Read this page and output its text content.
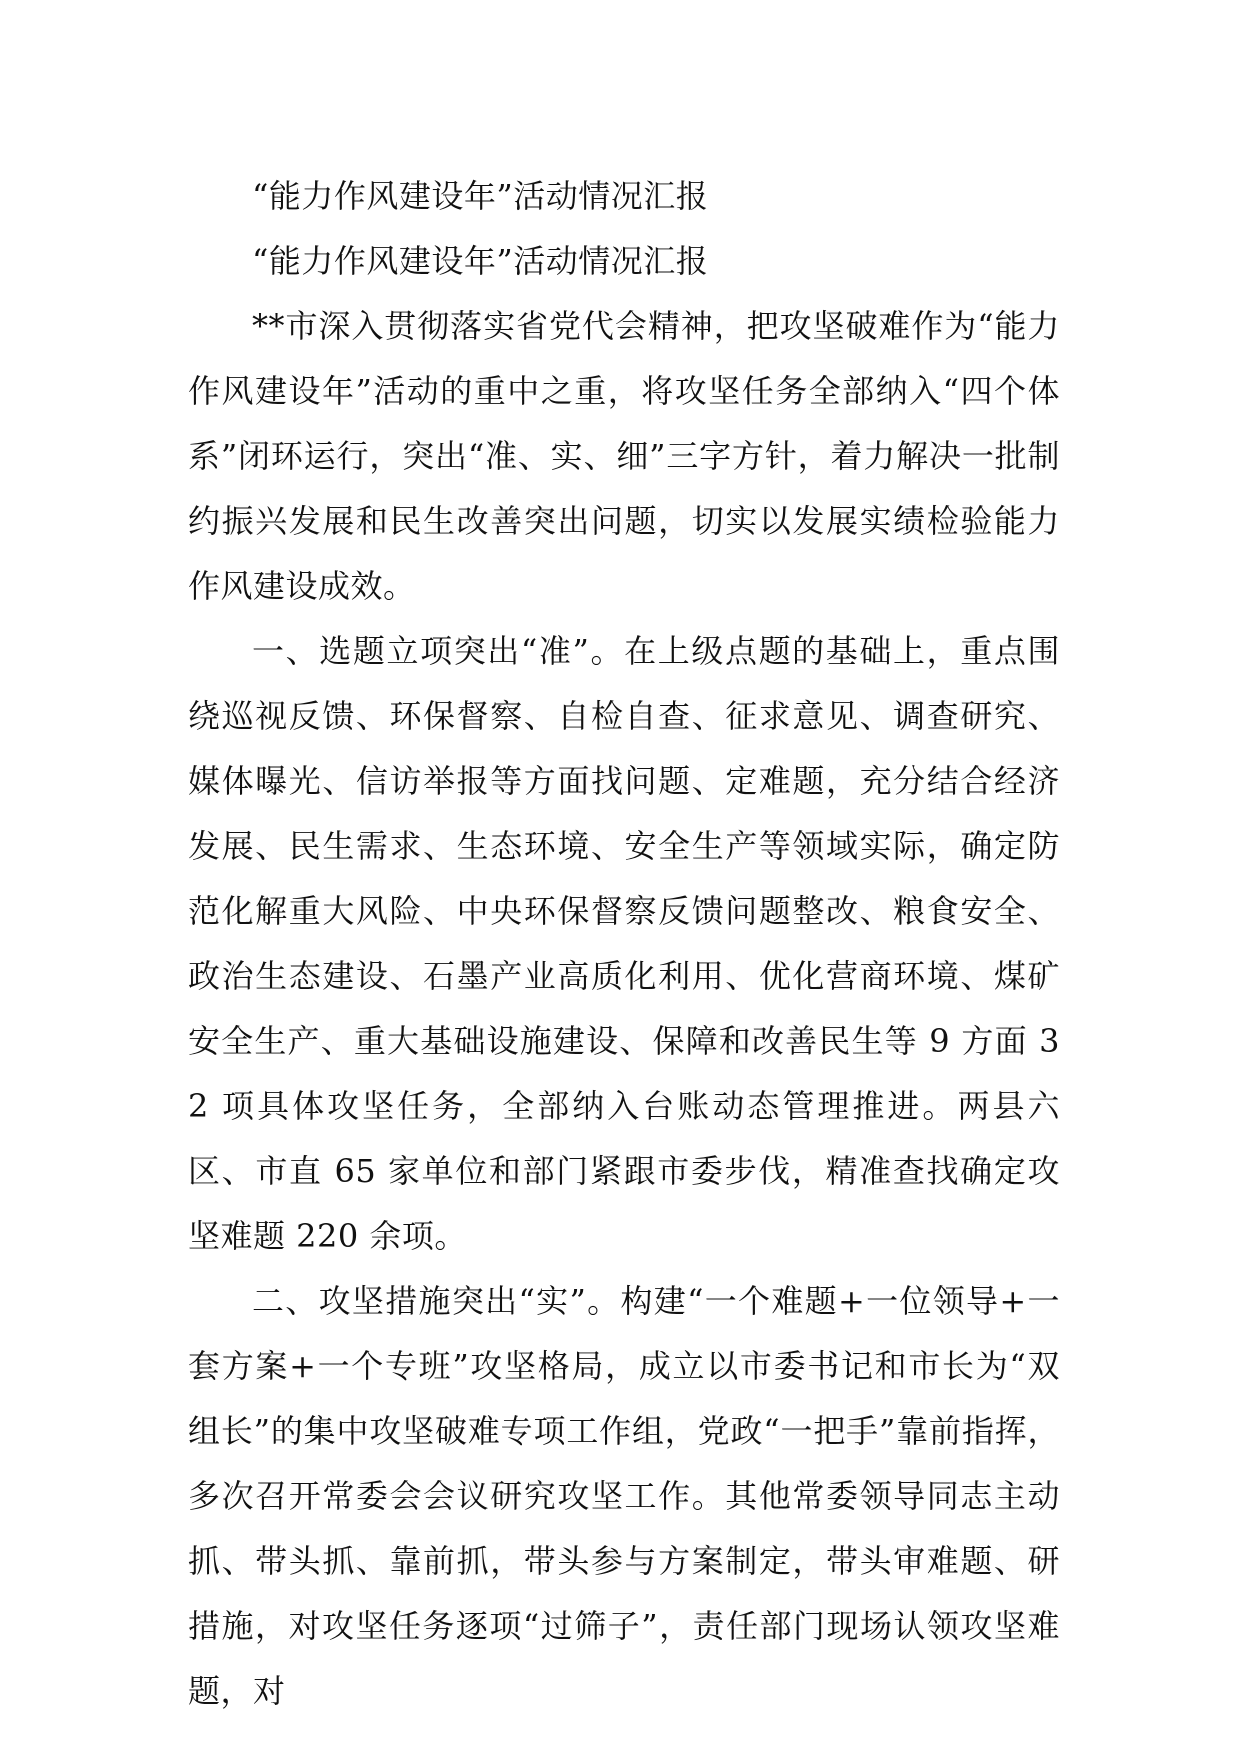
“能力作风建设年”活动情况汇报

“能力作风建设年”活动情况汇报

**市深入贯彻落实省党代会精神，把攻坚破难作为“能力作风建设年”活动的重中之重，将攻坚任务全部纳入“四个体系”闭环运行，突出“准、实、细”三字方针，着力解决一批制约振兴发展和民生改善突出问题，切实以发展实绩检验能力作风建设成效。

一、选题立项突出“准”。在上级点题的基础上，重点围绕巡视反馈、环保督察、自检自查、征求意见、调查研究、媒体曝光、信访举报等方面找问题、定难题，充分结合经济发展、民生需求、生态环境、安全生产等领域实际，确定防范化解重大风险、中央环保督察反馈问题整改、粮食安全、政治生态建设、石墨产业高质化利用、优化营商环境、煤矿安全生产、重大基础设施建设、保障和改善民生等 9 方面 32 项具体攻坚任务，全部纳入台账动态管理推进。两县六区、市直 65 家单位和部门紧跟市委步伐，精准查找确定攻坚难题 220 余项。

二、攻坚措施突出“实”。构建“一个难题+一位领导+一套方案+一个专班”攻坚格局，成立以市委书记和市长为“双组长”的集中攻坚破难专项工作组，党政“一把手”靠前指挥，多次召开常委会会议研究攻坚工作。其他常委领导同志主动抓、带头抓、靠前抓，带头参与方案制定，带头审难题、研措施，对攻坚任务逐项“过筛子”，责任部门现场认领攻坚难题，对
